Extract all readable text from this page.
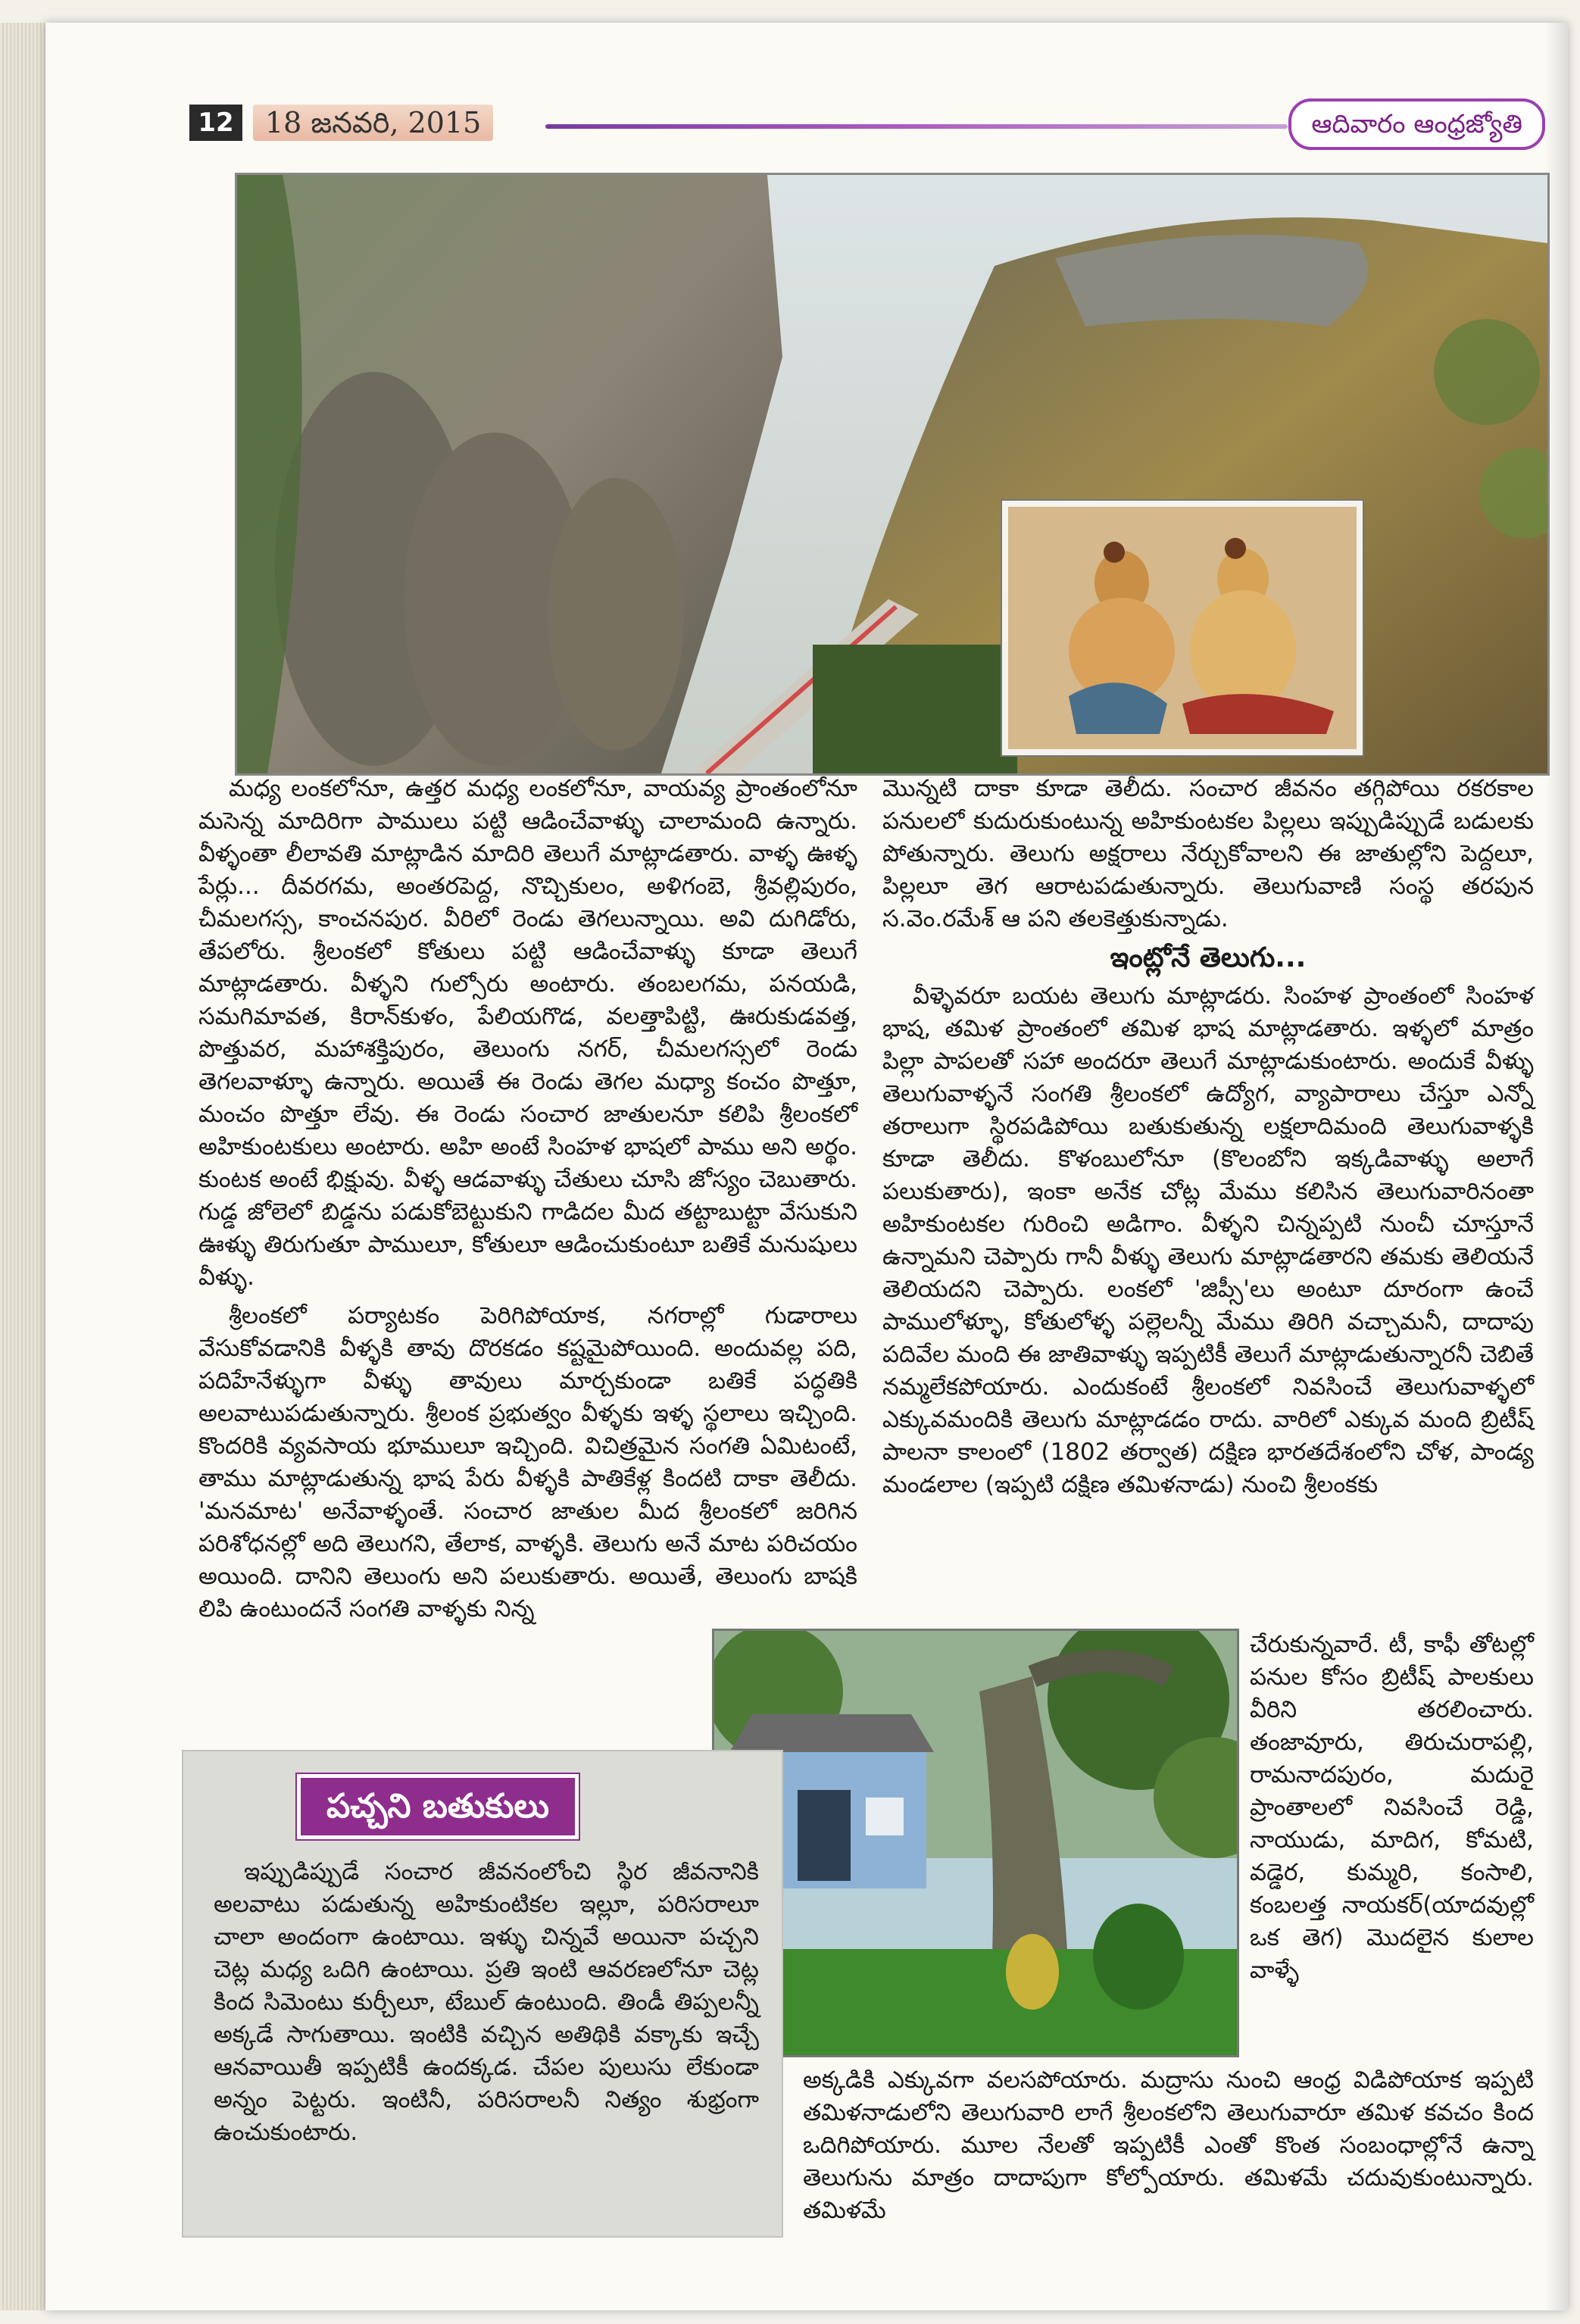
12	18 జనవరి, 2015	ఆదివారం ఆంధ్రజ్యోతి

మధ్య లంకలోనూ, ఉత్తర మధ్య లంకలోనూ, వాయవ్య ప్రాంతంలోనూ మసెన్న మాదిరిగా పాములు పట్టి ఆడించేవాళ్ళు చాలామంది ఉన్నారు. వీళ్ళంతా లీలావతి మాట్లాడిన మాదిరి తెలుగే మాట్లాడతారు. వాళ్ళ ఊళ్ళ పేర్లు... దీవరగమ, అంతరపెద్ద, నొచ్చికులం, అళిగంబె, శ్రీవల్లిపురం, చీమలగస్స, కాంచనపుర. వీరిలో రెండు తెగలున్నాయి. అవి దుగిడోరు, తేపలోరు. శ్రీలంకలో కోతులు పట్టి ఆడించేవాళ్ళు కూడా తెలుగే మాట్లాడతారు. వీళ్ళని గుల్సోరు అంటారు. తంబలగమ, పనయడి, సమగిమావత, కిరాన్‌కుళం, పేలియగొడ, వలత్తాపిట్టి, ఊరుకుడవత్త, పొత్తువర, మహాశక్తిపురం, తెలుంగు నగర్, చీమలగస్సలో రెండు తెగలవాళ్ళూ ఉన్నారు. అయితే ఈ రెండు తెగల మధ్యా కంచం పొత్తూ, మంచం పొత్తూ లేవు. ఈ రెండు సంచార జాతులనూ కలిపి శ్రీలంకలో అహికుంటకులు అంటారు. అహి అంటే సింహళ భాషలో పాము అని అర్థం. కుంటక అంటే భిక్షువు. వీళ్ళ ఆడవాళ్ళు చేతులు చూసి జోస్యం చెబుతారు. గుడ్డ జోలెలో బిడ్డను పడుకోబెట్టుకుని గాడిదల మీద తట్టాబుట్టా వేసుకుని ఊళ్ళు తిరుగుతూ పాములూ, కోతులూ ఆడించుకుంటూ బతికే మనుషులు వీళ్ళు.

శ్రీలంకలో పర్యాటకం పెరిగిపోయాక, నగరాల్లో గుడారాలు వేసుకోవడానికి వీళ్ళకి తావు దొరకడం కష్టమైపోయింది. అందువల్ల పది, పదిహేనేళ్ళుగా వీళ్ళు తావులు మార్చకుండా బతికే పద్ధతికి అలవాటుపడుతున్నారు. శ్రీలంక ప్రభుత్వం వీళ్ళకు ఇళ్ళ స్థలాలు ఇచ్చింది. కొందరికి వ్యవసాయ భూములూ ఇచ్చింది. విచిత్రమైన సంగతి ఏమిటంటే, తాము మాట్లాడుతున్న భాష పేరు వీళ్ళకి పాతికేళ్ల కిందటి దాకా తెలీదు. 'మనమాట' అనేవాళ్ళంతే. సంచార జాతుల మీద శ్రీలంకలో జరిగిన పరిశోధనల్లో అది తెలుగని, తేలాక, వాళ్ళకి. తెలుగు అనే మాట పరిచయం అయింది. దానిని తెలుంగు అని పలుకుతారు. అయితే, తెలుంగు బాషకి లిపి ఉంటుందనే సంగతి వాళ్ళకు నిన్న

మొన్నటి దాకా కూడా తెలీదు. సంచార జీవనం తగ్గిపోయి రకరకాల పనులలో కుదురుకుంటున్న అహికుంటకల పిల్లలు ఇప్పుడిప్పుడే బడులకు పోతున్నారు. తెలుగు అక్షరాలు నేర్చుకోవాలని ఈ జాతుల్లోని పెద్దలూ, పిల్లలూ తెగ ఆరాటపడుతున్నారు. తెలుగువాణి సంస్థ తరపున స.వెం.రమేశ్ ఆ పని తలకెత్తుకున్నాడు.

ఇంట్లోనే తెలుగు...

వీళ్ళెవరూ బయట తెలుగు మాట్లాడరు. సింహళ ప్రాంతంలో సింహళ భాష, తమిళ ప్రాంతంలో తమిళ భాష మాట్లాడతారు. ఇళ్ళలో మాత్రం పిల్లా పాపలతో సహా అందరూ తెలుగే మాట్లాడుకుంటారు. అందుకే వీళ్ళు తెలుగువాళ్ళనే సంగతి శ్రీలంకలో ఉద్యోగ, వ్యాపారాలు చేస్తూ ఎన్నో తరాలుగా స్థిరపడిపోయి బతుకుతున్న లక్షలాదిమంది తెలుగువాళ్ళకి కూడా తెలీదు. కొళంబులోనూ (కొలంబోని ఇక్కడివాళ్ళు అలాగే పలుకుతారు), ఇంకా అనేక చోట్ల మేము కలిసిన తెలుగువారినంతా అహికుంటకల గురించి అడిగాం. వీళ్ళని చిన్నప్పటి నుంచీ చూస్తూనే ఉన్నామని చెప్పారు గానీ వీళ్ళు తెలుగు మాట్లాడతారని తమకు తెలియనే తెలియదని చెప్పారు. లంకలో 'జిప్సీ'లు అంటూ దూరంగా ఉంచే పాములోళ్ళూ, కోతులోళ్ళ పల్లెలన్నీ మేము తిరిగి వచ్చామనీ, దాదాపు పదివేల మంది ఈ జాతివాళ్ళు ఇప్పటికీ తెలుగే మాట్లాడుతున్నారనీ చెబితే నమ్మలేకపోయారు. ఎందుకంటే శ్రీలంకలో నివసించే తెలుగువాళ్ళలో ఎక్కువమందికి తెలుగు మాట్లాడడం రాదు. వారిలో ఎక్కువ మంది బ్రిటీష్ పాలనా కాలంలో (1802 తర్వాత) దక్షిణ భారతదేశంలోని చోళ, పాండ్య మండలాల (ఇప్పటి దక్షిణ తమిళనాడు) నుంచి శ్రీలంకకు

చేరుకున్నవారే. టీ, కాఫీ తోటల్లో పనుల కోసం బ్రిటీష్ పాలకులు వీరిని తరలించారు. తంజావూరు, తిరుచురాపల్లి, రామనాదపురం, మదురై ప్రాంతాలలో నివసించే రెడ్డి, నాయుడు, మాదిగ, కోమటి, వడ్డెర, కుమ్మరి, కంసాలి, కంబలత్త నాయకర్(యాదవుల్లో ఒక తెగ) మొదలైన కులాల వాళ్ళే

అక్కడికి ఎక్కువగా వలసపోయారు. మద్రాసు నుంచి ఆంధ్ర విడిపోయాక ఇప్పటి తమిళనాడులోని తెలుగువారి లాగే శ్రీలంకలోని తెలుగువారూ తమిళ కవచం కింద ఒదిగిపోయారు. మూల నేలతో ఇప్పటికీ ఎంతో కొంత సంబంధాల్లోనే ఉన్నా తెలుగును మాత్రం దాదాపుగా కోల్పోయారు. తమిళమే చదువుకుంటున్నారు. తమిళమే

పచ్చని బతుకులు

ఇప్పుడిప్పుడే సంచార జీవనంలోంచి స్థిర జీవనానికి అలవాటు పడుతున్న అహికుంటికల ఇల్లూ, పరిసరాలూ చాలా అందంగా ఉంటాయి. ఇళ్ళు చిన్నవే అయినా పచ్చని చెట్ల మధ్య ఒదిగి ఉంటాయి. ప్రతి ఇంటి ఆవరణలోనూ చెట్ల కింద సిమెంటు కుర్చీలూ, టేబుల్ ఉంటుంది. తిండీ తిప్పలన్నీ అక్కడే సాగుతాయి. ఇంటికి వచ్చిన అతిథికి వక్కాకు ఇచ్చే ఆనవాయితీ ఇప్పటికీ ఉందక్కడ. చేపల పులుసు లేకుండా అన్నం పెట్టరు. ఇంటినీ, పరిసరాలనీ నిత్యం శుభ్రంగా ఉంచుకుంటారు.
